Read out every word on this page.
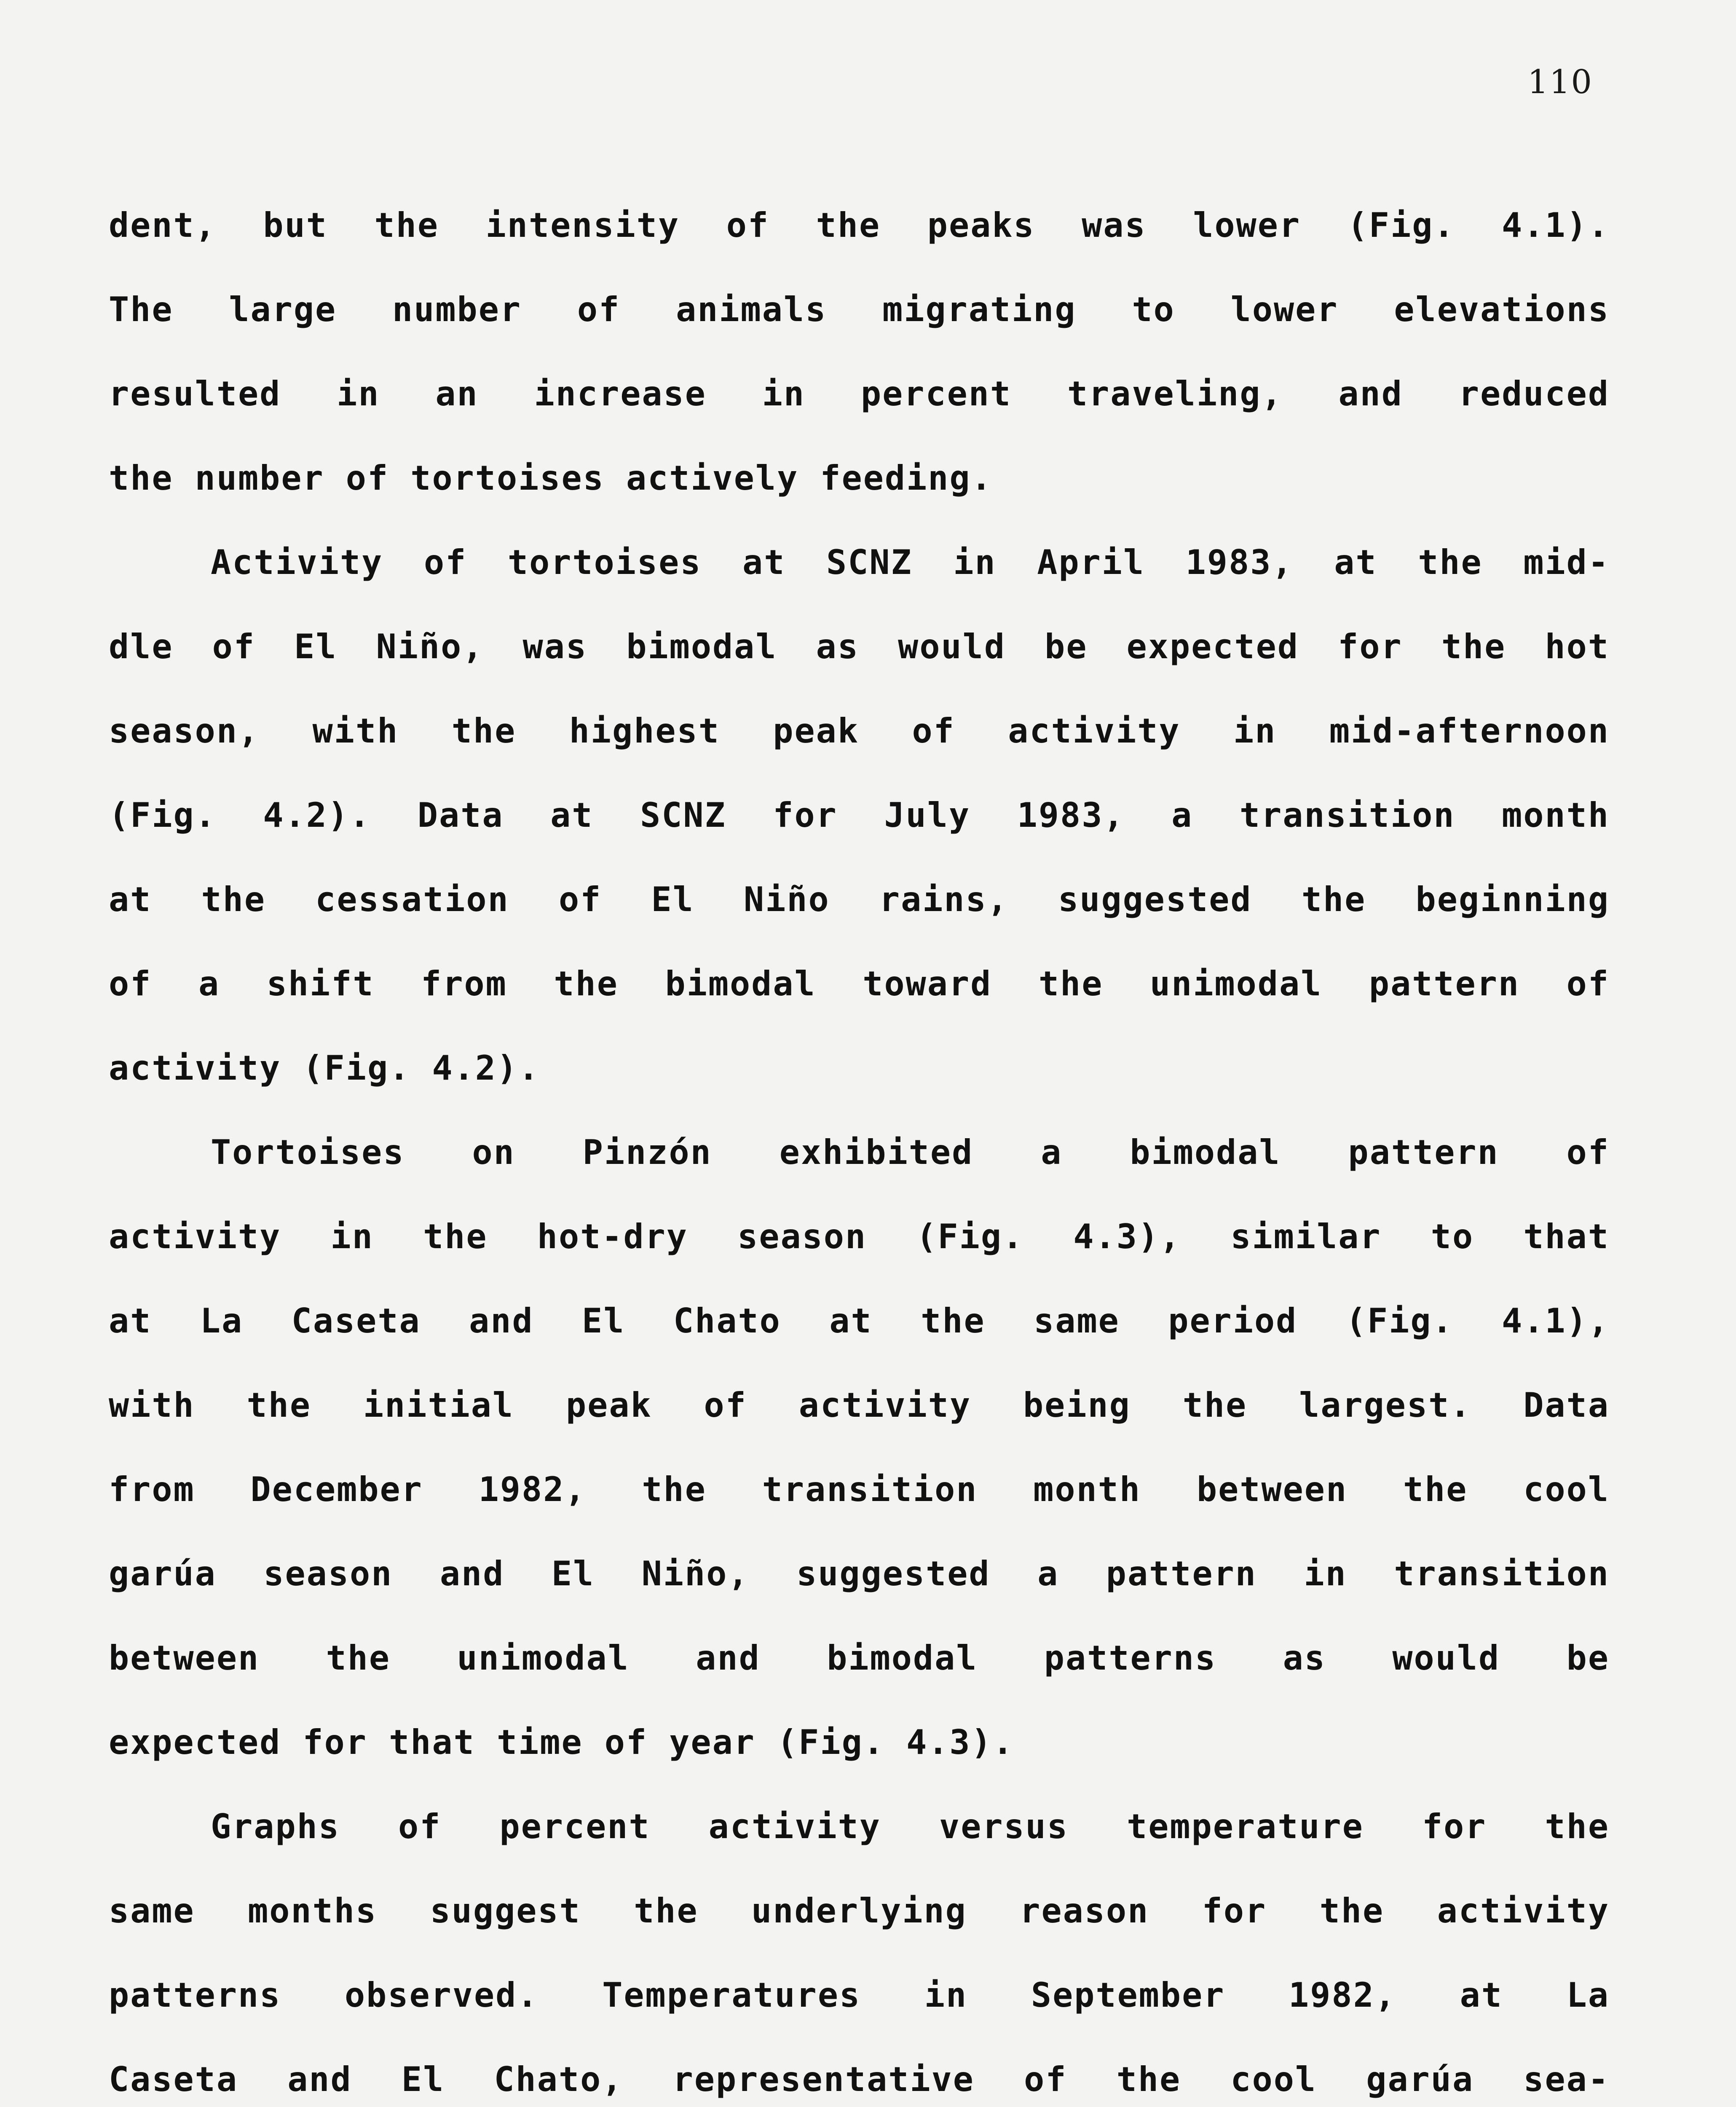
110
dent, but the intensity of the peaks was lower (Fig. 4.1).
The large number of animals migrating to lower elevations
resulted in an increase in percent traveling, and reduced
the number of tortoises actively feeding.
Activity of tortoises at SCNZ in April 1983, at the mid-
dle of El Niño, was bimodal as would be expected for the hot
season, with the highest peak of activity in mid-afternoon
(Fig. 4.2). Data at SCNZ for July 1983, a transition month
at the cessation of El Niño rains, suggested the beginning
of a shift from the bimodal toward the unimodal pattern of
activity (Fig. 4.2).
Tortoises on Pinzón exhibited a bimodal pattern of
activity in the hot-dry season (Fig. 4.3), similar to that
at La Caseta and El Chato at the same period (Fig. 4.1),
with the initial peak of activity being the largest. Data
from December 1982, the transition month between the cool
garúa season and El Niño, suggested a pattern in transition
between the unimodal and bimodal patterns as would be
expected for that time of year (Fig. 4.3).
Graphs of percent activity versus temperature for the
same months suggest the underlying reason for the activity
patterns observed. Temperatures in September 1982, at La
Caseta and El Chato, representative of the cool garúa sea-
